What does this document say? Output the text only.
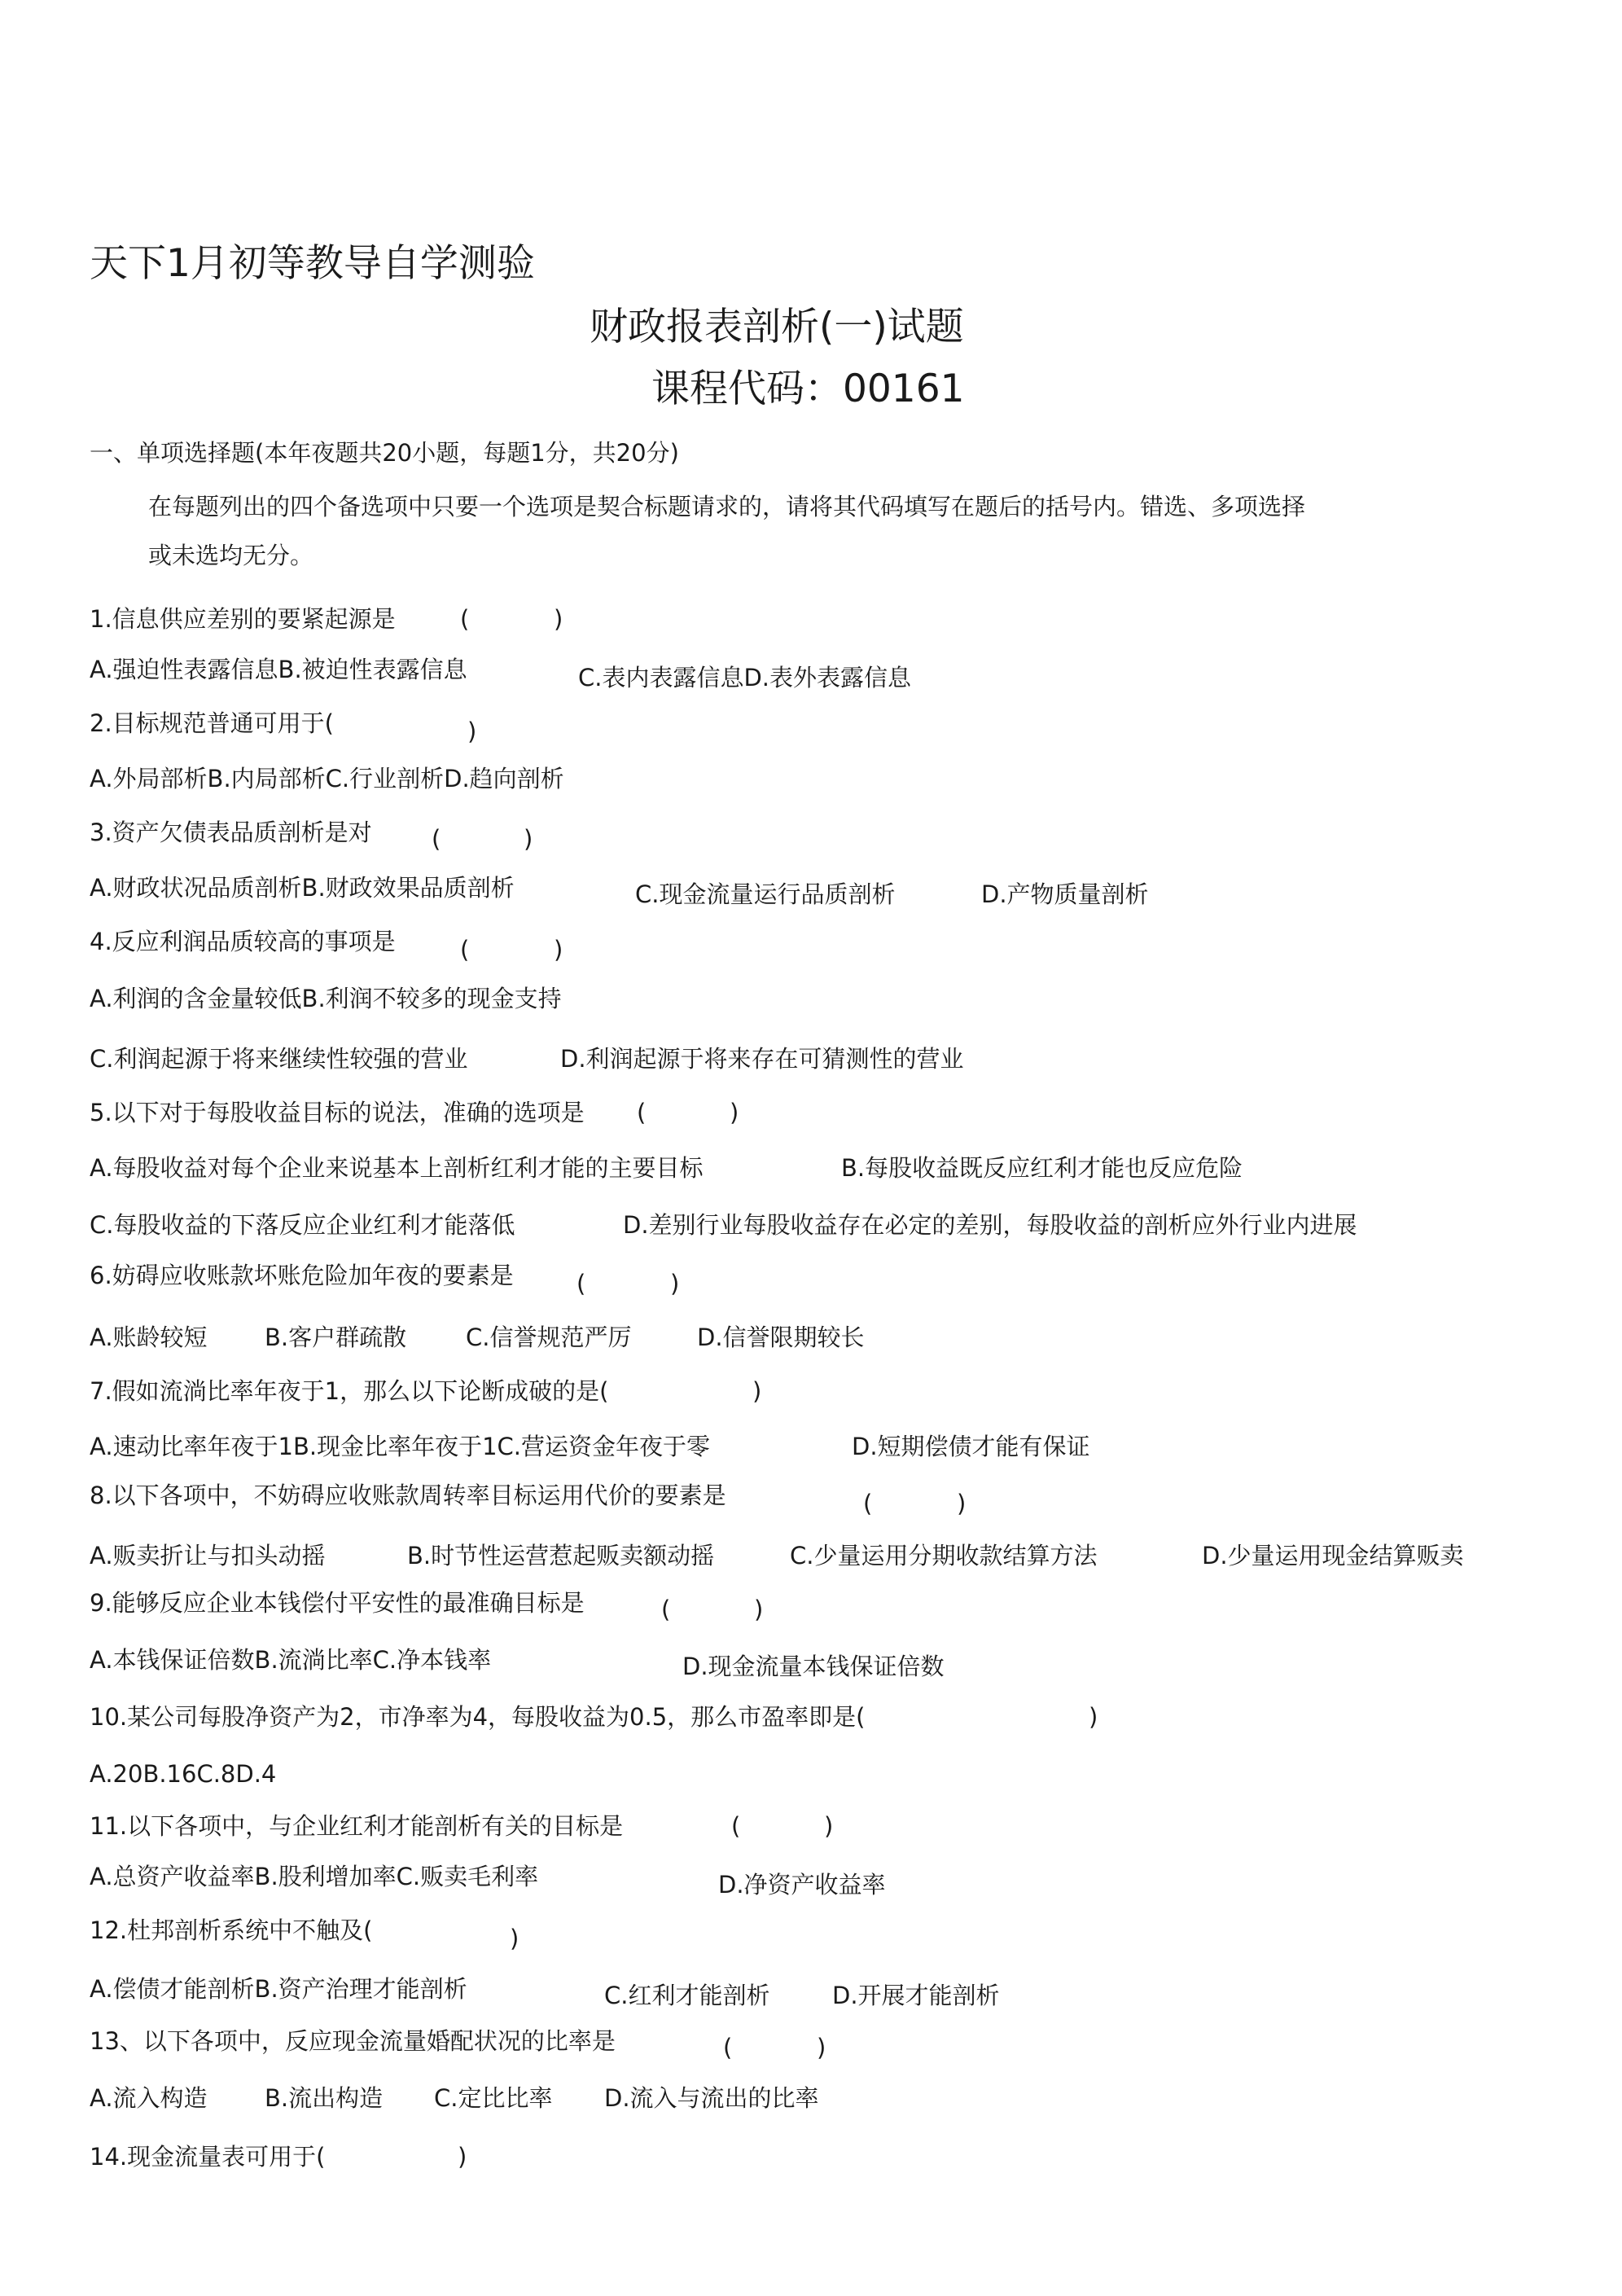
天下1月初等教导自学测验
财政报表剖析(一)试题
课程代码：00161
一、单项选择题(本年夜题共20小题，每题1分，共20分)
在每题列出的四个备选项中只要一个选项是契合标题请求的，请将其代码填写在题后的括号内。错选、多项选择
或未选均无分。
1.信息供应差别的要紧起源是	(	)
A.强迫性表露信息B.被迫性表露信息	C.表内表露信息D.表外表露信息
2.目标规范普通可用于(	)
A.外局部析B.内局部析C.行业剖析D.趋向剖析
3.资产欠债表品质剖析是对	(	)
A.财政状况品质剖析B.财政效果品质剖析	C.现金流量运行品质剖析	D.产物质量剖析
4.反应利润品质较高的事项是	(	)
A.利润的含金量较低B.利润不较多的现金支持
C.利润起源于将来继续性较强的营业	D.利润起源于将来存在可猜测性的营业
5.以下对于每股收益目标的说法，准确的选项是 (	)
A.每股收益对每个企业来说基本上剖析红利才能的主要目标	B.每股收益既反应红利才能也反应危险
C.每股收益的下落反应企业红利才能落低	D.差别行业每股收益存在必定的差别，每股收益的剖析应外行业内进展
6.妨碍应收账款坏账危险加年夜的要素是	(	)
A.账龄较短 B.客户群疏散	C.信誉规范严厉	D.信誉限期较长
7.假如流淌比率年夜于1，那么以下论断成破的是(	)
A.速动比率年夜于1B.现金比率年夜于1C.营运资金年夜于零	D.短期偿债才能有保证
8.以下各项中，不妨碍应收账款周转率目标运用代价的要素是	(	)
A.贩卖折让与扣头动摇	B.时节性运营惹起贩卖额动摇	C.少量运用分期收款结算方法	D.少量运用现金结算贩卖
9.能够反应企业本钱偿付平安性的最准确目标是	(	)
A.本钱保证倍数B.流淌比率C.净本钱率	D.现金流量本钱保证倍数
10.某公司每股净资产为2，市净率为4，每股收益为0.5，那么市盈率即是(	)
A.20B.16C.8D.4
11.以下各项中，与企业红利才能剖析有关的目标是	(	)
A.总资产收益率B.股利增加率C.贩卖毛利率	D.净资产收益率
12.杜邦剖析系统中不触及(	)
A.偿债才能剖析B.资产治理才能剖析	C.红利才能剖析	D.开展才能剖析
13、以下各项中，反应现金流量婚配状况的比率是	(	)
A.流入构造 B.流出构造 C.定比比率 D.流入与流出的比率
14.现金流量表可用于(	)
